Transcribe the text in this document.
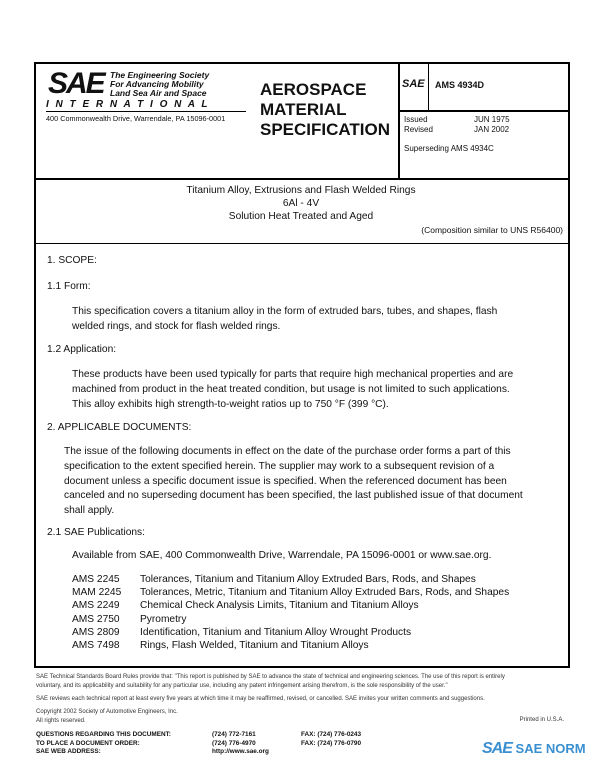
SAE The Engineering Society
For Advancing Mobility
Land Sea Air and Space
I N T E R N A T I O N A L
400 Commonwealth Drive, Warrendale, PA 15096-0001
AEROSPACE
MATERIAL
SPECIFICATION
SAE AMS 4934D
Issued	JUN 1975
Revised	JAN 2002
Superseding AMS 4934C
Titanium Alloy, Extrusions and Flash Welded Rings
6Al - 4V
Solution Heat Treated and Aged
(Composition similar to UNS R56400)
1. SCOPE:
1.1 Form:
This specification covers a titanium alloy in the form of extruded bars, tubes, and shapes, flash
welded rings, and stock for flash welded rings.
1.2 Application:
These products have been used typically for parts that require high mechanical properties and are
machined from product in the heat treated condition, but usage is not limited to such applications.
This alloy exhibits high strength-to-weight ratios up to 750 °F (399 °C).
2. APPLICABLE DOCUMENTS:
The issue of the following documents in effect on the date of the purchase order forms a part of this
specification to the extent specified herein. The supplier may work to a subsequent revision of a
document unless a specific document issue is specified. When the referenced document has been
canceled and no superseding document has been specified, the last published issue of that document
shall apply.
2.1 SAE Publications:
Available from SAE, 400 Commonwealth Drive, Warrendale, PA 15096-0001 or www.sae.org.
AMS 2245 Tolerances, Titanium and Titanium Alloy Extruded Bars, Rods, and Shapes
MAM 2245 Tolerances, Metric, Titanium and Titanium Alloy Extruded Bars, Rods, and Shapes
AMS 2249 Chemical Check Analysis Limits, Titanium and Titanium Alloys
AMS 2750 Pyrometry
AMS 2809 Identification, Titanium and Titanium Alloy Wrought Products
AMS 7498 Rings, Flash Welded, Titanium and Titanium Alloys
SAE Technical Standards Board Rules provide that: "This report is published by SAE to advance the state of technical and engineering sciences. The use of this report is entirely
voluntary, and its applicability and suitability for any particular use, including any patent infringement arising therefrom, is the sole responsibility of the user."
SAE reviews each technical report at least every five years at which time it may be reaffirmed, revised, or cancelled. SAE invites your written comments and suggestions.
Copyright 2002 Society of Automotive Engineers, Inc.
All rights reserved.	Printed in U.S.A.
QUESTIONS REGARDING THIS DOCUMENT:	(724) 772-7161	FAX: (724) 776-0243
TO PLACE A DOCUMENT ORDER:	(724) 776-4970	FAX: (724) 776-0790
SAE WEB ADDRESS:	http://www.sae.org	SAE SAE NORM
